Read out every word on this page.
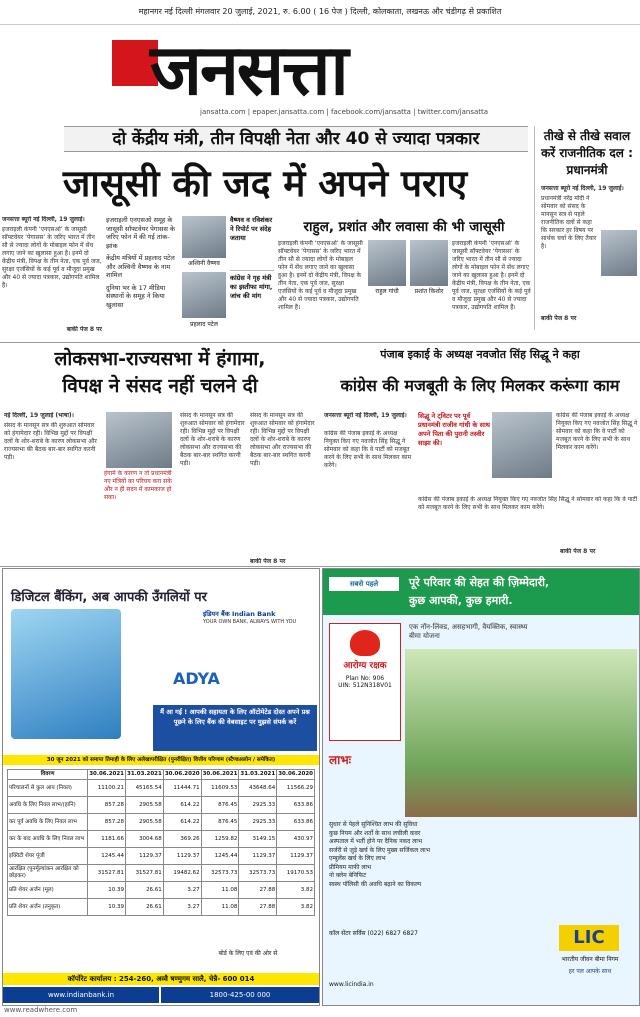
महानगर नई दिल्ली मंगलवार 20 जुलाई, 2021, रु. 6.00 ( 16 पेज ) दिल्ली, कोलकाता, लखनऊ और चंडीगढ़ से प्रकाशित
जनसत्ता
jansatta.com | epaper.jansatta.com | facebook.com/jansatta | twitter.com/jansatta
तीखे से तीखे सवाल करें राजनीतिक दल : प्रधानमंत्री
जनसत्ता ब्यूरो नई दिल्ली, 19 जुलाई।
प्रधानमंत्री नरेंद्र मोदी ने सोमवार को संसद के मानसून सत्र से पहले राजनीतिक दलों से कहा कि सरकार हर विषय पर सार्थक चर्चा के लिए तैयार है।
बाकी पेज 8 पर
दो केंद्रीय मंत्री, तीन विपक्षी नेता और 40 से ज्यादा पत्रकार
जासूसी की जद में अपने पराए
जनसत्ता ब्यूरो नई दिल्ली, 19 जुलाई।
इजराइली कंपनी ‘एनएसओ’ के जासूसी सॉफ्टवेयर ‘पेगासस’ के जरिए भारत में तीन सौ से ज्यादा लोगों के मोबाइल फोन में सेंध लगाए जाने का खुलासा हुआ है। इनमें दो केंद्रीय मंत्री, विपक्ष के तीन नेता, एक पूर्व जज, सुरक्षा एजंसियों के कई पूर्व व मौजूदा प्रमुख और 40 से ज्यादा पत्रकार, उद्योगपति शामिल हैं।
बाकी पेज 8 पर
इजराइली एनएसओ समूह के जासूसी सॉफ्टवेयर पेगासस के जरिए फोन में की गई तांक-झांक
केंद्रीय मंत्रियों में प्रहलाद पटेल और अश्विनी वैष्णव के नाम शामिल
दुनिया भर के 17 मीडिया संस्थानों के समूह ने किया खुलासा
अश्विनी वैष्णव
प्रहलाद पटेल
वैष्णव व रविशंकर ने रिपोर्ट पर संदेह जताया
कांग्रेस ने गृह मंत्री का इस्तीफा मांगा, जांच की मांग
राहुल, प्रशांत और लवासा की भी जासूसी
राहुल गांधी	प्रशांत किशोर
इजराइली कंपनी ‘एनएसओ’ के जासूसी सॉफ्टवेयर ‘पेगासस’ के जरिए भारत में तीन सौ से ज्यादा लोगों के मोबाइल फोन में सेंध लगाए जाने का खुलासा हुआ है। इनमें दो केंद्रीय मंत्री, विपक्ष के तीन नेता, एक पूर्व जज, सुरक्षा एजंसियों के कई पूर्व व मौजूदा प्रमुख और 40 से ज्यादा पत्रकार, उद्योगपति शामिल हैं।
इजराइली कंपनी ‘एनएसओ’ के जासूसी सॉफ्टवेयर ‘पेगासस’ के जरिए भारत में तीन सौ से ज्यादा लोगों के मोबाइल फोन में सेंध लगाए जाने का खुलासा हुआ है। इनमें दो केंद्रीय मंत्री, विपक्ष के तीन नेता, एक पूर्व जज, सुरक्षा एजंसियों के कई पूर्व व मौजूदा प्रमुख और 40 से ज्यादा पत्रकार, उद्योगपति शामिल हैं।
लोकसभा-राज्यसभा में हंगामा,
विपक्ष ने संसद नहीं चलने दी
नई दिल्ली, 19 जुलाई (भाषा)।
संसद के मानसून सत्र की शुरुआत सोमवार को हंगामेदार रही। विभिन्न मुद्दों पर विपक्षी दलों के शोर-शराबे के कारण लोकसभा और राज्यसभा की बैठक बार-बार स्थगित करनी पड़ी।
हंगामे के कारण न तो प्रधानमंत्री नए मंत्रियों का परिचय करा सके और न ही सदन में कामकाज हो सका।
संसद के मानसून सत्र की शुरुआत सोमवार को हंगामेदार रही। विभिन्न मुद्दों पर विपक्षी दलों के शोर-शराबे के कारण लोकसभा और राज्यसभा की बैठक बार-बार स्थगित करनी पड़ी।
संसद के मानसून सत्र की शुरुआत सोमवार को हंगामेदार रही। विभिन्न मुद्दों पर विपक्षी दलों के शोर-शराबे के कारण लोकसभा और राज्यसभा की बैठक बार-बार स्थगित करनी पड़ी।
बाकी पेज 8 पर
पंजाब इकाई के अध्यक्ष नवजोत सिंह सिद्धू ने कहा
कांग्रेस की मजबूती के लिए मिलकर करूंगा काम
जनसत्ता ब्यूरो नई दिल्ली, 19 जुलाई।
कांग्रेस की पंजाब इकाई के अध्यक्ष नियुक्त किए गए नवजोत सिंह सिद्धू ने सोमवार को कहा कि वे पार्टी को मजबूत करने के लिए सभी के साथ मिलकर काम करेंगे।
सिद्धू ने ट्विटर पर पूर्व प्रधानमंत्री राजीव गांधी के साथ अपने पिता की पुरानी तस्वीर साझा की।
कांग्रेस की पंजाब इकाई के अध्यक्ष नियुक्त किए गए नवजोत सिंह सिद्धू ने सोमवार को कहा कि वे पार्टी को मजबूत करने के लिए सभी के साथ मिलकर काम करेंगे।
कांग्रेस की पंजाब इकाई के अध्यक्ष नियुक्त किए गए नवजोत सिंह सिद्धू ने सोमवार को कहा कि वे पार्टी को मजबूत करने के लिए सभी के साथ मिलकर काम करेंगे।
बाकी पेज 8 पर
डिजिटल बैंकिंग, अब आपकी उँगलियों पर
इंडियन बैंक Indian Bank
YOUR OWN BANK, ALWAYS WITH YOU
ADYA
मैं आ गई ! आपकी सहायता के लिए ऑटोमेटेड दोस्त अपने प्रश्न पूछने के लिए बैंक की वेबसाइट पर मुझसे संपर्क करें
30 जून 2021 को समाप्त तिमाही के लिए अलेखापरीक्षित (पुनरीक्षित) वित्तीय परिणाम (स्टैण्डअलोन / समेकित)
विवरण	30.06.2021	31.03.2021	30.06.2020	30.06.2021	31.03.2021	30.06.2020
परिचालनों से कुल आय (निवल)	11100.21	45165.54	11444.71	11609.53	43648.64	11566.29
अवधि के लिए निवल लाभ/(हानि)	857.28	2905.58	614.22	876.45	2925.33	633.86
कर पूर्व अवधि के लिए निवल लाभ	857.28	2905.58	614.22	876.45	2925.33	633.86
कर के बाद अवधि के लिए निवल लाभ	1181.66	3004.68	369.26	1259.82	3149.15	430.97
इक्विटी शेयर पूंजी	1245.44	1129.37	1129.37	1245.44	1129.37	1129.37
आरक्षित (पुनर्मूल्यांकन आरक्षित को छोड़कर)	31527.81	31527.81	19482.62	32573.73	32573.73	19170.53
प्रति शेयर अर्जन (मूल)	10.39	26.61	3.27	11.08	27.88	3.82
प्रति शेयर अर्जन (तनुकृत)	10.39	26.61	3.27	11.08	27.88	3.82
बोर्ड के लिए एवं की ओर से
कॉर्पोरेट कार्यालय : 254-260, अव्वै षण्मुगम सालै, चेन्नै- 600 014
www.indianbank.in	1800-425-00 000
पूरे परिवार की सेहत की ज़िम्मेदारी,
कुछ आपकी, कुछ हमारी.
सबसे पहले
आरोग्य रक्षक
Plan No: 906
UIN: 512N318V01
एक नॉन-लिंक्ड, असहभागी, वैयक्तिक, स्वास्थ्य बीमा योजना
लाभः
सुधार से पेहले सुनिश्चित लाभ की सुविधा
कुछ नियम और शर्तों के साथ लचीली कवर
अस्पताल में भर्ती होने पर दैनिक नकद लाभ
सर्जरी से जुड़े खर्च के लिए मुख्य सर्जिकल लाभ
एम्बुलेंस खर्च के लिए लाभ
प्रीमियम माफी लाभ
नो क्लेम बेनिफिट
स्वस्थ पॉलिसी की अवधि बढ़ाने का विकल्प
कॉल सेंटर सर्विस (022) 6827 6827	LIC
भारतीय जीवन बीमा निगम
हर पल आपके साथ
www.licindia.in
www.readwhere.com
